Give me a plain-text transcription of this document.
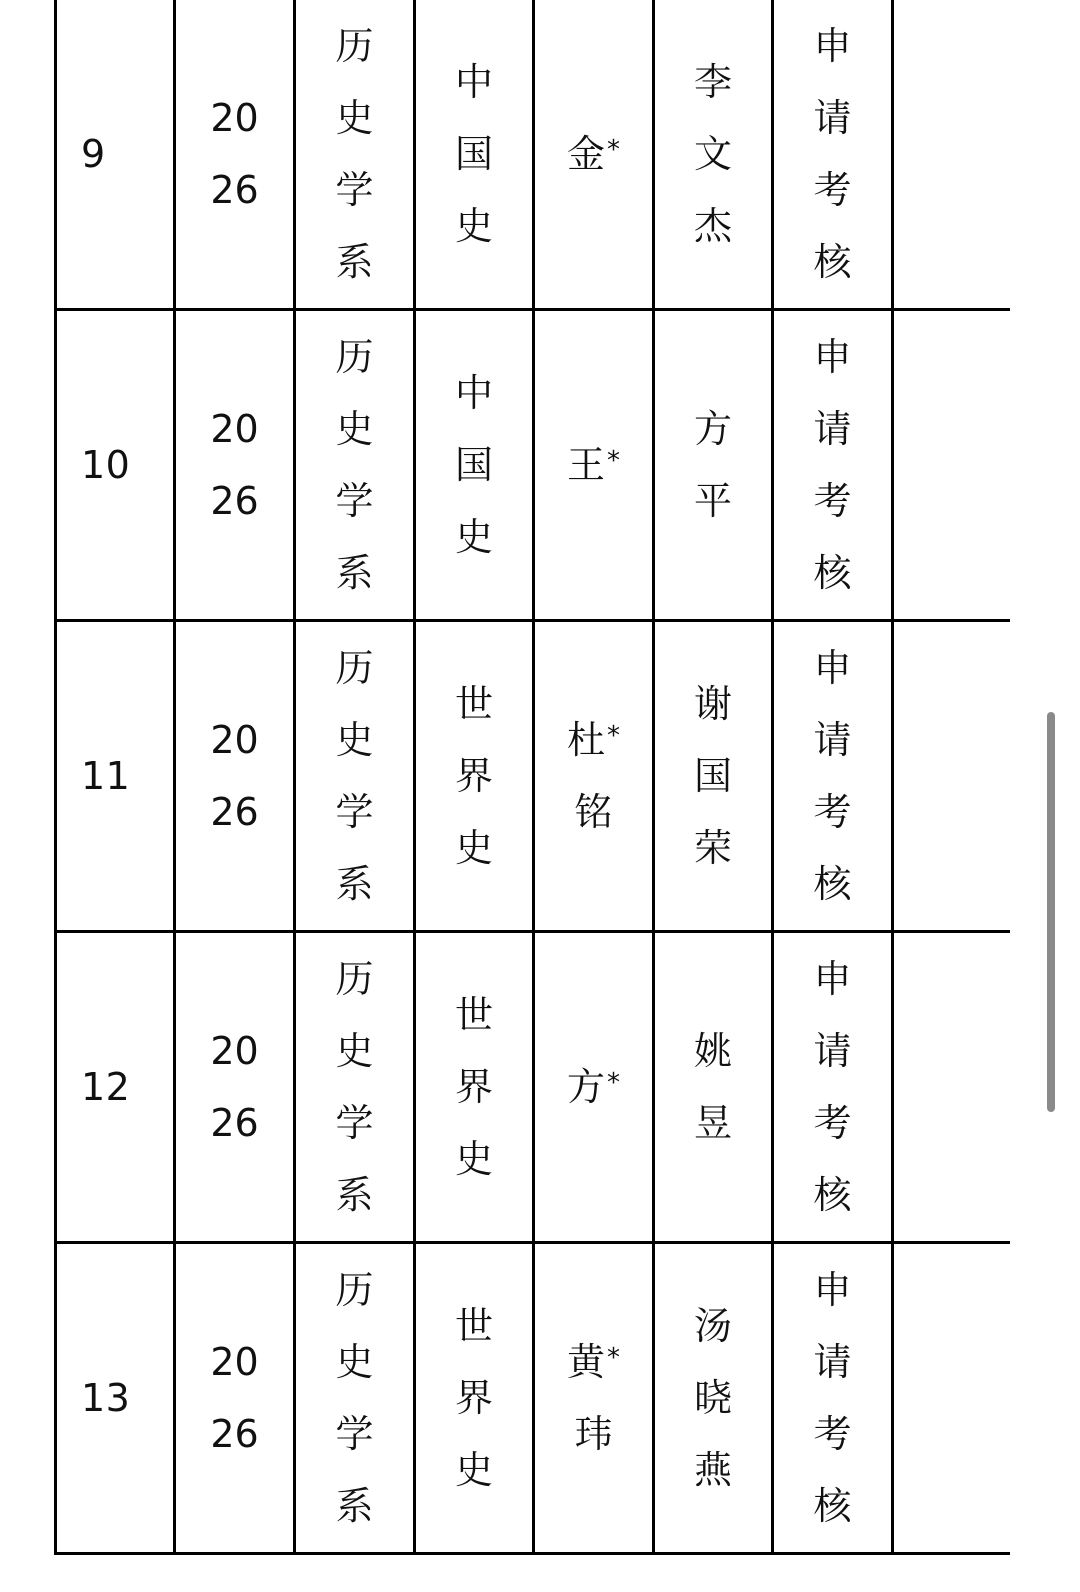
9	20
26	历
史
学
系	中
国
史	金*	李
文
杰	申
请
考
核	

10	20
26	历
史
学
系	中
国
史	王*	方
平	申
请
考
核	

11	20
26	历
史
学
系	世
界
史	杜*
铭	谢
国
荣	申
请
考
核	

12	20
26	历
史
学
系	世
界
史	方*	姚
昱	申
请
考
核	

13	20
26	历
史
学
系	世
界
史	黄*
玮	汤
晓
燕	申
请
考
核	
